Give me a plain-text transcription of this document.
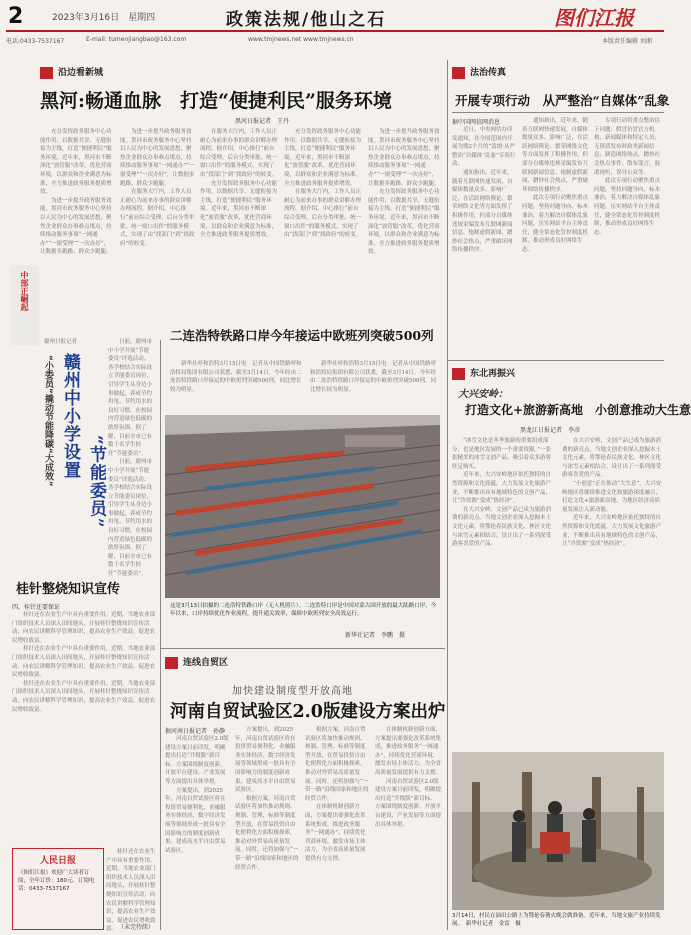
2	2023年3月16日　星期四	政策法规/他山之石	图们江报
电话:0433-7537167	E-mail: tumenjiangbao@163.com	www.tmjnews.net www.tmjnews.cn	本版责任编辑 刘湘
沿边看新城
黑河:畅通血脉　打造“便捷利民”服务环境
黑河日报记者　王丹

充分发挥政务服务中心功能作用，以数据共享、无缝衔接为主线，打造“便捷利民”服务环境。近年来，黑河市不断深化“放管服”改革，优化营商环境，以群众和企业满意为标准，全力推进政务服务提质增效。

为进一步提升政务服务效能，黑河市政务服务中心坚持以人民为中心的发展思想，聚焦企业群众办事难点堵点，持续推动服务事项“一网通办”“一窗受理”“一次办好”，让数据多跑路、群众少跑腿。

为进一步提升政务服务效能，黑河市政务服务中心坚持以人民为中心的发展思想，聚焦企业群众办事难点堵点，持续推动服务事项“一网通办”“一窗受理”“一次办好”，让数据多跑路、群众少跑腿。

在服务大厅内，工作人员正耐心为前来办事的群众讲解办理流程。据介绍，中心推行“前台综合受理、后台分类审批、统一窗口出件”的服务模式，实现了由“找部门”到“找政府”的转变。

在服务大厅内，工作人员正耐心为前来办事的群众讲解办理流程。据介绍，中心推行“前台综合受理、后台分类审批、统一窗口出件”的服务模式，实现了由“找部门”到“找政府”的转变。

充分发挥政务服务中心功能作用，以数据共享、无缝衔接为主线，打造“便捷利民”服务环境。近年来，黑河市不断深化“放管服”改革，优化营商环境，以群众和企业满意为标准，全力推进政务服务提质增效。

充分发挥政务服务中心功能作用，以数据共享、无缝衔接为主线，打造“便捷利民”服务环境。近年来，黑河市不断深化“放管服”改革，优化营商环境，以群众和企业满意为标准，全力推进政务服务提质增效。

在服务大厅内，工作人员正耐心为前来办事的群众讲解办理流程。据介绍，中心推行“前台综合受理、后台分类审批、统一窗口出件”的服务模式，实现了由“找部门”到“找政府”的转变。

为进一步提升政务服务效能，黑河市政务服务中心坚持以人民为中心的发展思想，聚焦企业群众办事难点堵点，持续推动服务事项“一网通办”“一窗受理”“一次办好”，让数据多跑路、群众少跑腿。

充分发挥政务服务中心功能作用，以数据共享、无缝衔接为主线，打造“便捷利民”服务环境。近年来，黑河市不断深化“放管服”改革，优化营商环境，以群众和企业满意为标准，全力推进政务服务提质增效。

中部正崛起
赣州日报记者
“小委员”撬动节能降碳“大成效” 赣州中小学设置
“节能委员”

日前，赣州市中小学开展“节能委员”评选活动。各学校结合实际设立节能委员岗位，引导学生从身边小事做起，养成节约用电、节约用水的良好习惯，在校园内营造绿色低碳的浓厚氛围。据了解，目前全市已有数千名学生担任“节能委员”。

日前，赣州市中小学开展“节能委员”评选活动。各学校结合实际设立节能委员岗位，引导学生从身边小事做起，养成节约用电、节约用水的良好习惯，在校园内营造绿色低碳的浓厚氛围。据了解，目前全市已有数千名学生担任“节能委员”。

二连浩特铁路口岸今年接运中欧班列突破500列

新华社呼和浩特3月15日电　记者从中国铁路呼和浩特局集团有限公司获悉，截至3月14日，今年经由二连浩特铁路口岸接运的中欧班列突破500列，同比增长较为明显。

新华社呼和浩特3月15日电　记者从中国铁路呼和浩特局集团有限公司获悉，截至3月14日，今年经由二连浩特铁路口岸接运的中欧班列突破500列，同比增长较为明显。

这是3月13日拍摄的二连浩特铁路口岸（无人机照片）。二连浩特口岸是中国对蒙古国开放的最大陆路口岸，今年以来，口岸持续优化作业流程，提升通关效率，保障中欧班列安全高效运行。
新华社记者　李鹏　摄
法治传真
开展专项行动　从严整治“自媒体”乱象

据中国网信网消息

近日，中央网信办印发通知，在全国范围内开展为期2个月的“清朗·从严整治“自媒体”乱象”专项行动。

通知指出，近年来，随着互联网快速发展，自媒体数量众多、影响广泛，在活跃网络舆论、繁荣网络文化等方面发挥了积极作用，但部分自媒体违规采编发布互联网新闻信息、炮制虚假新闻、蹭炒社会热点，严重破坏网络传播秩序。

通知指出，近年来，随着互联网快速发展，自媒体数量众多、影响广泛，在活跃网络舆论、繁荣网络文化等方面发挥了积极作用，但部分自媒体违规采编发布互联网新闻信息、炮制虚假新闻、蹭炒社会热点，严重破坏网络传播秩序。

此次专项行动聚焦重点问题，坚持问题导向、标本兼治，着力解决自媒体乱象问题，压实网站平台主体责任，健全常态化管控制度机制，推动形成良好网络生态。

专项行动将重点整治以下问题：假冒仿冒官方机构、新闻媒体和特定人员；无资质发布时政类新闻信息；制造网络热点，蹭炒社会热点事件；散布谣言，混淆视听，误导公众等。

此次专项行动聚焦重点问题，坚持问题导向、标本兼治，着力解决自媒体乱象问题，压实网站平台主体责任，健全常态化管控制度机制，推动形成良好网络生态。

东北再振兴
大兴安岭：
打造文化+旅游新高地　小创意推动大生意
黑龙江日报记者　李彦

“冰雪文化是冬季旅游的重要组成部分，也是地区发展的一个重要资源。”一张张精美的冰雪文创产品，吸引着众多游客驻足购买。

近年来，大兴安岭地区依托独特的自然资源和文化底蕴，大力发展文化旅游产业，不断推出具有地域特色的文创产品，让“冷资源”变成“热经济”。

在大兴安岭，文创产品已成为旅游消费的新亮点。当地文创企业深入挖掘本土文化元素，将鄂伦春民族文化、林区文化与冰雪元素相结合，设计出了一系列深受游客喜爱的产品。

在大兴安岭，文创产品已成为旅游消费的新亮点。当地文创企业深入挖掘本土文化元素，将鄂伦春民族文化、林区文化与冰雪元素相结合，设计出了一系列深受游客喜爱的产品。

“小创意”正在推动“大生意”。大兴安岭地区将继续推进文化和旅游深度融合，打造文化+旅游新高地，为地区经济高质量发展注入新动能。

近年来，大兴安岭地区依托独特的自然资源和文化底蕴，大力发展文化旅游产业，不断推出具有地域特色的文创产品，让“冷资源”变成“热经济”。

3月14日，村民在油田公路上为鄂伦春篝火晚会做准备。近年来，当地文旅产业持续发展。　新华社记者　金雷　摄
连线自贸区
加快建设制度型开放高地
河南自贸试验区2.0版建设方案出炉

据河南日报记者　孙静

河南自贸试验区2.0版建设方案日前印发，明确提出打造“升级版”新目标。方案围绕制度创新、开放平台建设、产业发展等方面提出具体举措。

方案提出，到2025年，河南自贸试验区将在投资贸易便利化、金融服务实体经济、数字经济发展等领域形成一批具有全国影响力的制度创新成果，建成高水平自由贸易试验区。

方案提出，到2025年，河南自贸试验区将在投资贸易便利化、金融服务实体经济、数字经济发展等领域形成一批具有全国影响力的制度创新成果，建成高水平自由贸易试验区。

根据方案，河南自贸试验区将加快推动规则、规制、管理、标准等制度型开放，在贸易投资自由化便利化方面积极探索，推动对外贸易高质量发展。同时，还将加强与“一带一路”沿线国家和地区的经贸合作。

根据方案，河南自贸试验区将加快推动规则、规制、管理、标准等制度型开放，在贸易投资自由化便利化方面积极探索，推动对外贸易高质量发展。同时，还将加强与“一带一路”沿线国家和地区的经贸合作。

在体制机制创新方面，方案提出要强化改革系统集成，推进政务服务“一网通办”，持续优化营商环境，激发市场主体活力，为全省高质量发展提供有力支撑。

在体制机制创新方面，方案提出要强化改革系统集成，推进政务服务“一网通办”，持续优化营商环境，激发市场主体活力，为全省高质量发展提供有力支撑。

河南自贸试验区2.0版建设方案日前印发，明确提出打造“升级版”新目标。方案围绕制度创新、开放平台建设、产业发展等方面提出具体举措。

桂针整烧知识宣传

四、桂针还要保证

桂针还在农业生产中具有重要作用。近期，当地农业部门组织技术人员深入田间地头，开展桂针整烧知识宣传活动，向农民讲解科学管理知识，提高农业生产效益，促进农民增收致富。

桂针还在农业生产中具有重要作用。近期，当地农业部门组织技术人员深入田间地头，开展桂针整烧知识宣传活动，向农民讲解科学管理知识，提高农业生产效益，促进农民增收致富。

桂针还在农业生产中具有重要作用。近期，当地农业部门组织技术人员深入田间地头，开展桂针整烧知识宣传活动，向农民讲解科学管理知识，提高农业生产效益，促进农民增收致富。

人民日报
《图们江报》欢迎广大读者订阅，全年订价：180元。订阅电话：0433-7537167

桂针还在农业生产中具有重要作用。近期，当地农业部门组织技术人员深入田间地头，开展桂针整烧知识宣传活动，向农民讲解科学管理知识，提高农业生产效益，促进农民增收致富。 （未完待续）
